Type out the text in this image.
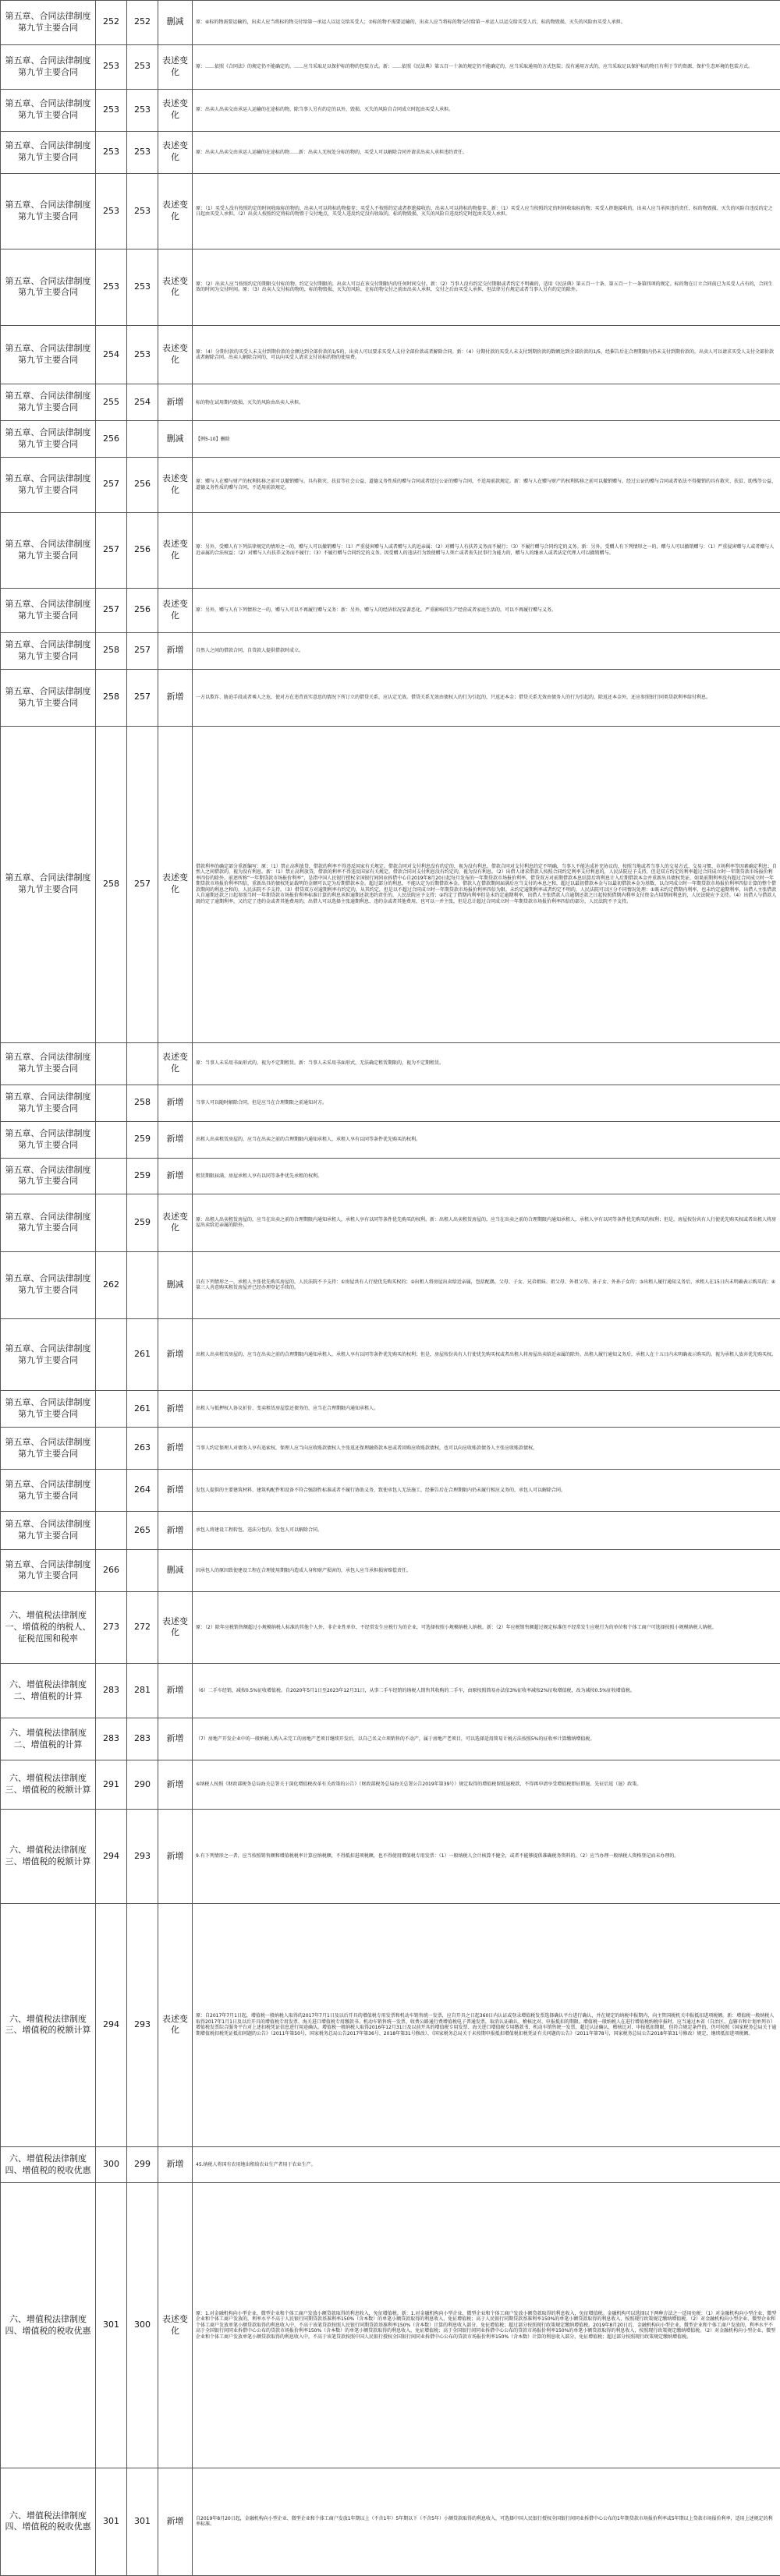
第五章、合同法律制度第九节主要合同	252	252	删减	原：⑥标的物需要运输的，出卖人应当将标的物交付给第一承运人以运交给买受人；⑦标的物不需要运输的，出卖人应当将标的物交付给第一承运人以运交给买受人后，标的物毁损、灭失的风险由买受人承担。
第五章、合同法律制度第九节主要合同	253	253	表述变化	原：……依照《合同法》的规定仍不能确定的，……应当采取足以保护标的物的包装方式。新：……依照《民法典》第五百一十条的规定仍不能确定的，应当采取通用的方式包装；没有通用方式的，应当采取足以保护标的物且有利于节约资源、保护生态环境的包装方式。
第五章、合同法律制度第九节主要合同	253	253	表述变化	原：出卖人出卖交由承运人运输的在途标的物，除当事人另有约定的以外，毁损、灭失的风险自合同成立时起由买受人承担。
第五章、合同法律制度第九节主要合同	253	253	表述变化	原：出卖人出卖交由承运人运输的在途标的物……新：出卖人无权处分标的物的，买受人可以解除合同并请求出卖人承担违约责任。
第五章、合同法律制度第九节主要合同	253	253	表述变化	原：（1）买受人没有按照约定的时间收取标的物的，出卖人可以将标的物提存；买受人不按照约定或者拒绝接收的，出卖人可以将标的物提存。新：（1）买受人应当按照约定的时间收取标的物；买受人拒绝接收的，出卖人应当承担违约责任，标的物毁损、灭失的风险自违反约定之日起由买受人承担。（2）出卖人按照约定将标的物置于交付地点，买受人违反约定没有收取的，标的物毁损、灭失的风险自违反约定时起由买受人承担。
第五章、合同法律制度第九节主要合同	253	253	表述变化	原：（2）出卖人应当按照约定的期限交付标的物。约定交付期限的，出卖人可以在该交付期限内的任何时间交付。新：（2）当事人没有约定交付期限或者约定不明确的，适用《民法典》第五百一十条、第五百一十一条第四项的规定。标的物在订立合同前已为买受人占有的，合同生效的时间为交付时间。原：（3）出卖人交付标的物的，标的物毁损、灭失的风险，在标的物交付之前由出卖人承担，交付之后由买受人承担，但法律另有规定或者当事人另有约定的除外。
第五章、合同法律制度第九节主要合同	254	253	表述变化	原：（4）分期付款的买受人未支付到期价款的金额达到全部价款的1/5的，出卖人可以要求买受人支付全部价款或者解除合同。新：（4）分期付款的买受人未支付到期价款的数额达到全部价款的1/5，经催告后在合理期限内仍未支付到期价款的，出卖人可以请求买受人支付全部价款或者解除合同。出卖人解除合同的，可以向买受人请求支付该标的物的使用费。
第五章、合同法律制度第九节主要合同	255	254	新增	标的物在试用期内毁损、灭失的风险由出卖人承担。
第五章、合同法律制度第九节主要合同	256		删减	【例5-10】删除
第五章、合同法律制度第九节主要合同	257	256	表述变化	原：赠与人在赠与财产的权利转移之前可以撤销赠与。具有救灾、扶贫等社会公益、道德义务性质的赠与合同或者经过公证的赠与合同，不适用前款规定。新：赠与人在赠与财产的权利转移之前可以撤销赠与。经过公证的赠与合同或者依法不得撤销的具有救灾、扶贫、助残等公益、道德义务性质的赠与合同，不适用前款规定。
第五章、合同法律制度第九节主要合同	257	256	表述变化	原：另外，受赠人有下列法律规定的情形之一的，赠与人可以撤销赠与：（1）严重侵害赠与人或者赠与人的近亲属；（2）对赠与人有扶养义务而不履行；（3）不履行赠与合同约定的义务。新：另外，受赠人有下列情形之一的，赠与人可以撤销赠与：（1）严重侵害赠与人或者赠与人近亲属的合法权益；（2）对赠与人有扶养义务而不履行；（3）不履行赠与合同约定的义务。因受赠人的违法行为致使赠与人死亡或者丧失民事行为能力的，赠与人的继承人或者法定代理人可以撤销赠与。
第五章、合同法律制度第九节主要合同	257	256	表述变化	原：另外，赠与人有下列情形之一的，赠与人可以不再履行赠与义务：新：另外，赠与人的经济状况显著恶化，严重影响其生产经营或者家庭生活的，可以不再履行赠与义务。
第五章、合同法律制度第九节主要合同	258	257	新增	自然人之间的借款合同，自贷款人提供借款时成立。
第五章、合同法律制度第九节主要合同	258	257	新增	一方以欺诈、胁迫手段或者乘人之危，使对方在违背真实意思的情况下所订立的借贷关系，应认定无效。借贷关系无效由债权人的行为引起的，只返还本金；借贷关系无效由债务人的行为引起的，除返还本金外，还应参照银行同类贷款利率给付利息。
第五章、合同法律制度第九节主要合同	258	257	表述变化	借款利率的确定部分重新编写：原：（1）禁止高利放贷，借款的利率不得违反国家有关规定。借款合同对支付利息没有约定的，视为没有利息。借款合同对支付利息约定不明确，当事人不能达成补充协议的，按照当地或者当事人的交易方式、交易习惯、市场利率等因素确定利息；自然人之间借款的，视为没有利息。新：（1）禁止高利放贷，借款的利率不得违反国家有关规定。借款合同对支付利息没有约定的，视为没有利息。（2）出借人请求借款人按照合同约定利率支付利息的，人民法院应予支持，但是双方约定的利率超过合同成立时一年期贷款市场报价利率四倍的除外。前述所称“一年期贷款市场报价利率”，是指中国人民银行授权全国银行间同业拆借中心自2019年8月20日起每月发布的一年期贷款市场报价利率。借贷双方对前期借款本息结算后将利息计入后期借款本金并重新出具债权凭证，如果前期利率没有超过合同成立时一年期贷款市场报价利率四倍，重新出具的债权凭证载明的金额可认定为后期借款本金。超过部分的利息，不能认定为后期借款本金。借款人在借款期间届满后应当支付的本息之和，超过以最初借款本金与以最初借款本金为基数、以合同成立时一年期贷款市场报价利率四倍计算的整个借款期间的利息之和的，人民法院不予支持。（3）借贷双方对逾期利率有约定的，从其约定，但是以不超过合同成立时一年期贷款市场报价利率四倍为限。未约定逾期利率或者约定不明的，人民法院可以区分不同情况处理：①既未约定借期内利率，也未约定逾期利率，出借人主张借款人自逾期还款之日起参照当时一年期贷款市场报价利率标准计算的利息承担逾期还款违约责任的，人民法院应予支持；②约定了借期内利率但是未约定逾期利率，出借人主张借款人自逾期还款之日起按照借期内利率支付资金占用期间利息的，人民法院应予支持。（4）出借人与借款人既约定了逾期利率，又约定了违约金或者其他费用的，出借人可以选择主张逾期利息、违约金或者其他费用，也可以一并主张，但是总计超过合同成立时一年期贷款市场报价利率四倍的部分，人民法院不予支持。
第五章、合同法律制度第九节主要合同			表述变化	原：当事人未采用书面形式的，视为不定期租赁。新：当事人未采用书面形式，无法确定租赁期限的，视为不定期租赁。
第五章、合同法律制度第九节主要合同		258	新增	当事人可以随时解除合同，但是应当在合理期限之前通知对方。
第五章、合同法律制度第九节主要合同		259	新增	出租人出卖租赁房屋的，应当在出卖之前的合理期限内通知承租人，承租人享有以同等条件优先购买的权利。
第五章、合同法律制度第九节主要合同		259	新增	租赁期限届满，房屋承租人享有以同等条件优先承租的权利。
第五章、合同法律制度第九节主要合同		259	表述变化	原：出租人出卖租赁房屋的，应当在出卖之前的合理期限内通知承租人，承租人享有以同等条件优先购买的权利。新：出租人出卖租赁房屋的，应当在出卖之前的合理期限内通知承租人，承租人享有以同等条件优先购买的权利；但是，房屋按份共有人行使优先购买权或者出租人将房屋出卖给近亲属的除外。
第五章、合同法律制度第九节主要合同	262		删减	具有下列情形之一，承租人主张优先购买房屋的，人民法院不予支持：①房屋共有人行使优先购买权的；②出租人将房屋出卖给近亲属，包括配偶、父母、子女、兄弟姐妹、祖父母、外祖父母、孙子女、外孙子女的；③出租人履行通知义务后，承租人在15日内未明确表示购买的；④第三人善意购买租赁房屋并已经办理登记手续的。
第五章、合同法律制度第九节主要合同		261	新增	出租人出卖租赁房屋的，应当在出卖之前的合理期限内通知承租人，承租人享有以同等条件优先购买的权利；但是，房屋按份共有人行使优先购买权或者出租人将房屋出卖给近亲属的除外。出租人履行通知义务后，承租人在十五日内未明确表示购买的，视为承租人放弃优先购买权。
第五章、合同法律制度第九节主要合同		261	新增	出租人与抵押权人协议折价、变卖租赁房屋偿还债务的，应当在合理期限内通知承租人。
第五章、合同法律制度第九节主要合同		263	新增	当事人约定保理人对债务人享有追索权，保理人应当向应收账款债权人主张返还保理融资款本息或者回购应收账款债权，也可以向应收账款债务人主张应收账款债权。
第五章、合同法律制度第九节主要合同		264	新增	发包人提供的主要建筑材料、建筑构配件和设备不符合强制性标准或者不履行协助义务，致使承包人无法施工，经催告后在合理期限内仍未履行相应义务的，承包人可以解除合同。
第五章、合同法律制度第九节主要合同		265	新增	承包人将建设工程转包、违法分包的，发包人可以解除合同。
第五章、合同法律制度第九节主要合同	266		删减	因承包人的原因致使建设工程在合理使用期限内造成人身和财产损害的，承包人应当承担损害赔偿责任。
六、增值税法律制度一、增值税的纳税人、征税范围和税率	273	272	表述变化	原：（2）除年应税销售额超过小规模纳税人标准的其他个人外，非企业性单位、不经常发生应税行为的企业，可选择按照小规模纳税人纳税。新：（2）年应税销售额超过规定标准但不经常发生应税行为的单位和个体工商户可选择按照小规模纳税人纳税。
六、增值税法律制度二、增值税的计算	283	281	新增	（6）二手车经销，减按0.5%征收增值税。自2020年5月1日至2023年12月31日，从事二手车经销的纳税人销售其收购的二手车，由原按照简易办法依3%征收率减按2%征收增值税，改为减按0.5%征收增值税。
六、增值税法律制度二、增值税的计算	283	283	新增	（7）房地产开发企业中的一般纳税人购入未完工的房地产老项目继续开发后，以自己名义立项销售的不动产，属于房地产老项目，可以选择适用简易计税方法按照5%的征收率计算缴纳增值税。
六、增值税法律制度三、增值税的税额计算	291	290	新增	⑥纳税人按照《财政部税务总局海关总署关于深化增值税改革有关政策的公告》（财政部税务总局海关总署公告2019年第39号）规定取得的增值税留抵退税款，不得再申请享受增值税即征即退、先征后返（退）政策。
六、增值税法律制度三、增值税的税额计算	294	293	新增	9.有下列情形之一者，应当按照销售额和增值税税率计算应纳税额，不得抵扣进项税额，也不得使用增值税专用发票：（1）一般纳税人会计核算不健全，或者不能够提供准确税务资料的。（2）应当办理一般纳税人资格登记而未办理的。
六、增值税法律制度三、增值税的税额计算	294	293	表述变化	原：自2017年7月1日起，增值税一般纳税人取得的2017年7月1日及以后开具的增值税专用发票和机动车销售统一发票，应自开具之日起360日内认证或登录增值税发票选择确认平台进行确认，并在规定的纳税申报期内，向主管国税机关申报抵扣进项税额。新：增值税一般纳税人取得2017年1月1日及以后开具的增值税专用发票、海关进口增值税专用缴款书、机动车销售统一发票、收费公路通行费增值税电子普通发票，取消认证确认、稽核比对、申报抵扣的期限。增值税一般纳税人在进行增值税纳税申报时，应当通过本省（自治区、直辖市和计划单列市）增值税发票综合服务平台对上述扣税凭证信息进行用途确认。增值税一般纳税人取得2016年12月31日及以前开具的增值税专用发票、海关进口增值税专用缴款书、机动车销售统一发票，超过认证确认、稽核比对、申报抵扣期限，但符合规定条件的，仍可按照《国家税务总局关于逾期增值税扣税凭证抵扣问题的公告》（2011年第50号，国家税务总局公告2017年第36号、2018年第31号修改）、《国家税务总局关于未按期申报抵扣增值税扣税凭证有关问题的公告》（2011年第78号，国家税务总局公告2018年第31号修改）规定，继续抵扣进项税额。
六、增值税法律制度四、增值税的税收优惠	300	299	新增	45.纳税人将国有农用地出租给农业生产者用于农业生产。
六、增值税法律制度四、增值税的税收优惠	301	300	表述变化	原：1.对金融机构向小型企业、微型企业和个体工商户发放小额贷款取得的利息收入，免征增值税。新：1.对金融机构向小型企业、微型企业和个体工商户发放小额贷款取得的利息收入，免征增值税。金融机构可以选择以下两种方法之一适用免税：（1）对金融机构向小型企业、微型企业和个体工商户发放的，利率水平不高于人民银行同期贷款基准利率150%（含本数）的单笔小额贷款取得的利息收入，免征增值税；高于人民银行同期贷款基准利率150%的单笔小额贷款取得的利息收入，按照现行政策规定缴纳增值税。（2）对金融机构向小型企业、微型企业和个体工商户发放单笔小额贷款取得的利息收入中，不高于该笔贷款按照人民银行同期贷款基准利率150%（含本数）计算的利息收入部分，免征增值税；超过部分按照现行政策规定缴纳增值税。2019年8月20日后，金融机构向小型企业、微型企业和个体工商户发放的，利率水平不高于全国银行间同业拆借中心公布的贷款市场报价利率150%（含本数）的单笔小额贷款取得的利息收入，免征增值税；高于全国银行间同业拆借中心公布的贷款市场报价利率150%的单笔小额贷款取得的利息收入，按照现行政策规定缴纳增值税。（2）对金融机构向小型企业、微型企业和个体工商户发放单笔小额贷款取得的利息收入中，不高于该笔贷款按照中国人民银行授权全国银行间同业拆借中心公布的贷款市场报价利率150%（含本数）计算的利息收入部分，免征增值税；超过部分按照现行政策规定缴纳增值税。
六、增值税法律制度四、增值税的税收优惠	301	301	新增	自2019年8月20日起，金融机构向小型企业、微型企业和个体工商户发放1年期以上（不含1年）5年期以下（不含5年）小额贷款取得的利息收入，可选择中国人民银行授权全国银行间同业拆借中心公布的1年期贷款市场报价利率或5年期以上贷款市场报价利率，适用上述规定的利率标准。
